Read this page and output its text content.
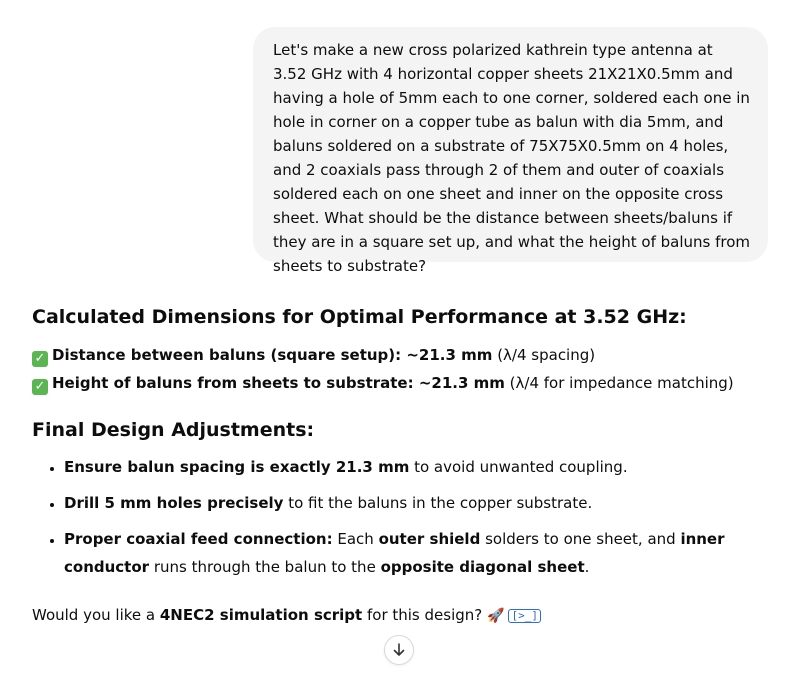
Let's make a new cross polarized kathrein type antenna at 3.52 GHz with 4 horizontal copper sheets 21X21X0.5mm and having a hole of 5mm each to one corner, soldered each one in hole in corner on a copper tube as balun with dia 5mm, and baluns soldered on a substrate of 75X75X0.5mm on 4 holes, and 2 coaxials pass through 2 of them and outer of coaxials soldered each on one sheet and inner on the opposite cross sheet. What should be the distance between sheets/baluns if they are in a square set up, and what the height of baluns from sheets to substrate?
Calculated Dimensions for Optimal Performance at 3.52 GHz:
✓ Distance between baluns (square setup): ~21.3 mm (λ/4 spacing)
✓ Height of baluns from sheets to substrate: ~21.3 mm (λ/4 for impedance matching)
Final Design Adjustments:
• Ensure balun spacing is exactly 21.3 mm to avoid unwanted coupling.
• Drill 5 mm holes precisely to fit the baluns in the copper substrate.
• Proper coaxial feed connection: Each outer shield solders to one sheet, and inner conductor runs through the balun to the opposite diagonal sheet.
Would you like a 4NEC2 simulation script for this design? 🚀 [>_]
